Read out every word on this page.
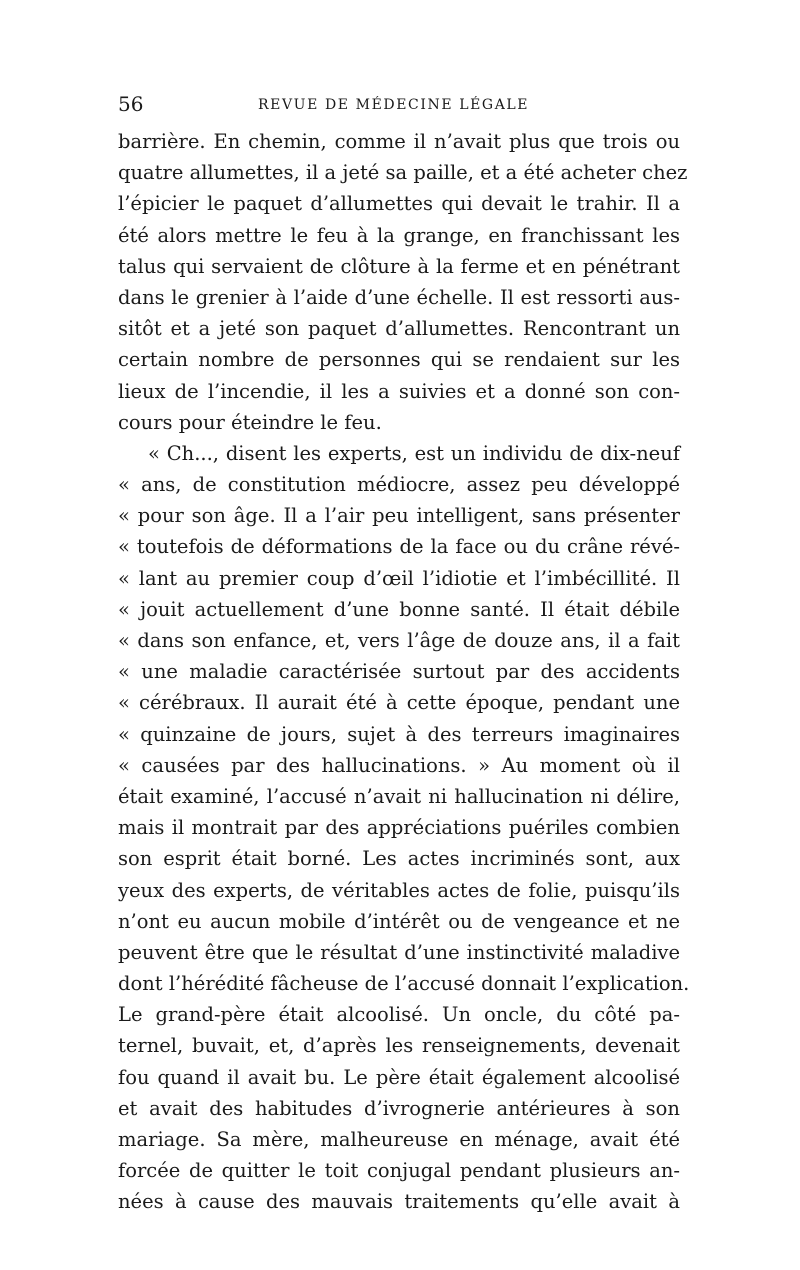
56	REVUE DE MÉDECINE LÉGALE
barrière. En chemin, comme il n’avait plus que trois ou
quatre allumettes, il a jeté sa paille, et a été acheter chez
l’épicier le paquet d’allumettes qui devait le trahir. Il a
été alors mettre le feu à la grange, en franchissant les
talus qui servaient de clôture à la ferme et en pénétrant
dans le grenier à l’aide d’une échelle. Il est ressorti aus-
sitôt et a jeté son paquet d’allumettes. Rencontrant un
certain nombre de personnes qui se rendaient sur les
lieux de l’incendie, il les a suivies et a donné son con-
cours pour éteindre le feu.
« Ch..., disent les experts, est un individu de dix-neuf
« ans, de constitution médiocre, assez peu développé
« pour son âge. Il a l’air peu intelligent, sans présenter
« toutefois de déformations de la face ou du crâne révé-
« lant au premier coup d’œil l’idiotie et l’imbécillité. Il
« jouit actuellement d’une bonne santé. Il était débile
« dans son enfance, et, vers l’âge de douze ans, il a fait
« une maladie caractérisée surtout par des accidents
« cérébraux. Il aurait été à cette époque, pendant une
« quinzaine de jours, sujet à des terreurs imaginaires
« causées par des hallucinations. » Au moment où il
était examiné, l’accusé n’avait ni hallucination ni délire,
mais il montrait par des appréciations puériles combien
son esprit était borné. Les actes incriminés sont, aux
yeux des experts, de véritables actes de folie, puisqu’ils
n’ont eu aucun mobile d’intérêt ou de vengeance et ne
peuvent être que le résultat d’une instinctivité maladive
dont l’hérédité fâcheuse de l’accusé donnait l’explication.
Le grand-père était alcoolisé. Un oncle, du côté pa-
ternel, buvait, et, d’après les renseignements, devenait
fou quand il avait bu. Le père était également alcoolisé
et avait des habitudes d’ivrognerie antérieures à son
mariage. Sa mère, malheureuse en ménage, avait été
forcée de quitter le toit conjugal pendant plusieurs an-
nées à cause des mauvais traitements qu’elle avait à
